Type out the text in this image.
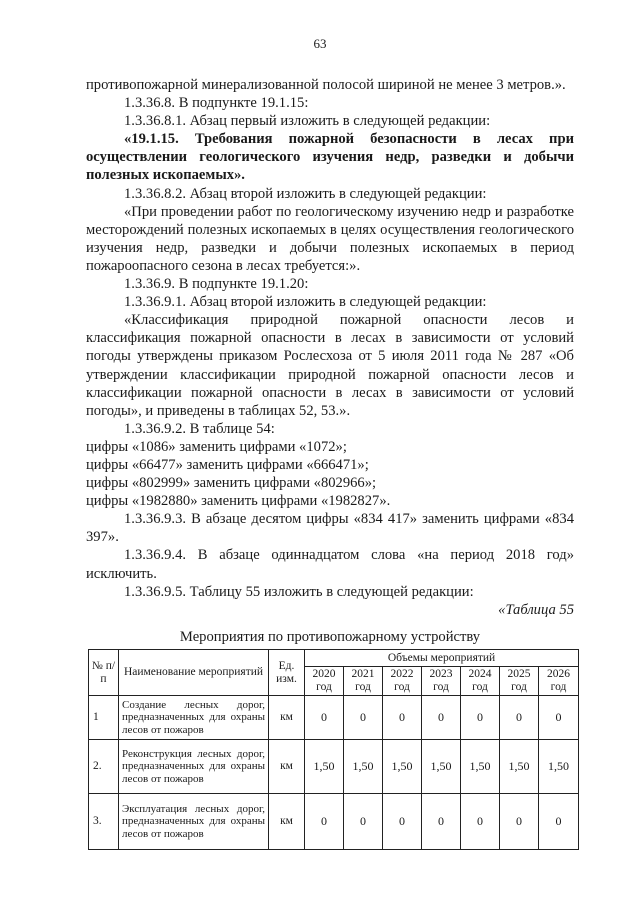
63

противопожарной минерализованной полосой шириной не менее 3 метров.».

1.3.36.8. В подпункте 19.1.15:

1.3.36.8.1. Абзац первый изложить в следующей редакции:

«19.1.15. Требования пожарной безопасности в лесах при осуществлении геологического изучения недр, разведки и добычи полезных ископаемых».

1.3.36.8.2. Абзац второй изложить в следующей редакции:

«При проведении работ по геологическому изучению недр и разработке месторождений полезных ископаемых в целях осуществления геологического изучения недр, разведки и добычи полезных ископаемых в период пожароопасного сезона в лесах требуется:».

1.3.36.9. В подпункте 19.1.20:

1.3.36.9.1. Абзац второй изложить в следующей редакции:

«Классификация природной пожарной опасности лесов и классификация пожарной опасности в лесах в зависимости от условий погоды утверждены приказом Рослесхоза от 5 июля 2011 года № 287 «Об утверждении классификации природной пожарной опасности лесов и классификации пожарной опасности в лесах в зависимости от условий погоды», и приведены в таблицах 52, 53.».

1.3.36.9.2. В таблице 54:

цифры «1086» заменить цифрами «1072»;

цифры «66477» заменить цифрами «666471»;

цифры «802999» заменить цифрами «802966»;

цифры «1982880» заменить цифрами «1982827».

1.3.36.9.3. В абзаце десятом цифры «834 417» заменить цифрами «834 397».

1.3.36.9.4. В абзаце одиннадцатом слова «на период 2018 год» исключить.

1.3.36.9.5. Таблицу 55 изложить в следующей редакции:

«Таблица 55

Мероприятия по противопожарному устройству

№ п/п	Наименование мероприятий	Ед. изм.	Объемы мероприятий						
			2020 год	2021 год	2022 год	2023 год	2024 год	2025 год	2026 год
1	Создание лесных дорог, предназначенных для охраны лесов от пожаров	км	0	0	0	0	0	0	0
2.	Реконструкция лесных дорог, предназначенных для охраны лесов от пожаров	км	1,50	1,50	1,50	1,50	1,50	1,50	1,50
3.	Эксплуатация лесных дорог, предназначенных для охраны лесов от пожаров	км	0	0	0	0	0	0	0
